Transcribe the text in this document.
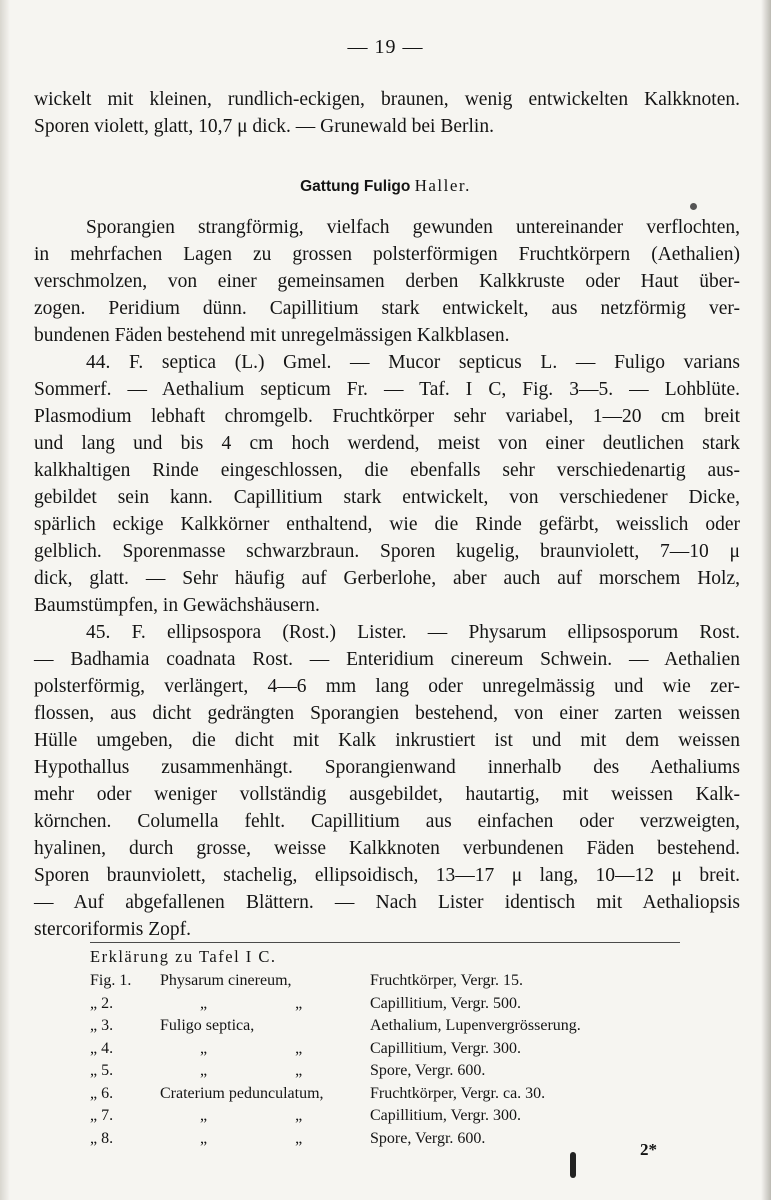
— 19 —
wickelt mit kleinen, rundlich-eckigen, braunen, wenig entwickelten Kalkknoten.
Sporen violett, glatt, 10,7 μ dick. — Grunewald bei Berlin.
Gattung Fuligo Haller.
Sporangien strangförmig, vielfach gewunden untereinander verflochten,
in mehrfachen Lagen zu grossen polsterförmigen Fruchtkörpern (Aethalien)
verschmolzen, von einer gemeinsamen derben Kalkkruste oder Haut über-
zogen. Peridium dünn. Capillitium stark entwickelt, aus netzförmig ver-
bundenen Fäden bestehend mit unregelmässigen Kalkblasen.
44. F. septica (L.) Gmel. — Mucor septicus L. — Fuligo varians
Sommerf. — Aethalium septicum Fr. — Taf. I C, Fig. 3—5. — Lohblüte.
Plasmodium lebhaft chromgelb. Fruchtkörper sehr variabel, 1—20 cm breit
und lang und bis 4 cm hoch werdend, meist von einer deutlichen stark
kalkhaltigen Rinde eingeschlossen, die ebenfalls sehr verschiedenartig aus-
gebildet sein kann. Capillitium stark entwickelt, von verschiedener Dicke,
spärlich eckige Kalkkörner enthaltend, wie die Rinde gefärbt, weisslich oder
gelblich. Sporenmasse schwarzbraun. Sporen kugelig, braunviolett, 7—10 μ
dick, glatt. — Sehr häufig auf Gerberlohe, aber auch auf morschem Holz,
Baumstümpfen, in Gewächshäusern.
45. F. ellipsospora (Rost.) Lister. — Physarum ellipsosporum Rost.
— Badhamia coadnata Rost. — Enteridium cinereum Schwein. — Aethalien
polsterförmig, verlängert, 4—6 mm lang oder unregelmässig und wie zer-
flossen, aus dicht gedrängten Sporangien bestehend, von einer zarten weissen
Hülle umgeben, die dicht mit Kalk inkrustiert ist und mit dem weissen
Hypothallus zusammenhängt. Sporangienwand innerhalb des Aethaliums
mehr oder weniger vollständig ausgebildet, hautartig, mit weissen Kalk-
körnchen. Columella fehlt. Capillitium aus einfachen oder verzweigten,
hyalinen, durch grosse, weisse Kalkknoten verbundenen Fäden bestehend.
Sporen braunviolett, stachelig, ellipsoidisch, 13—17 μ lang, 10—12 μ breit.
— Auf abgefallenen Blättern. — Nach Lister identisch mit Aethaliopsis
stercoriformis Zopf.
Erklärung zu Tafel I C.
Fig. 1. Physarum cinereum,	Fruchtkörper, Vergr. 15.
„ 2.	„ „ Capillitium, Vergr. 500.
„ 3.	Fuligo septica,	Aethalium, Lupenvergrösserung.
„ 4.	„ „ Capillitium, Vergr. 300.
„ 5.	„ „ Spore, Vergr. 600.
„ 6.	Craterium pedunculatum,	Fruchtkörper, Vergr. ca. 30.
„ 7.	„ „ Capillitium, Vergr. 300.
„ 8.	„ „ Spore, Vergr. 600.
2*
